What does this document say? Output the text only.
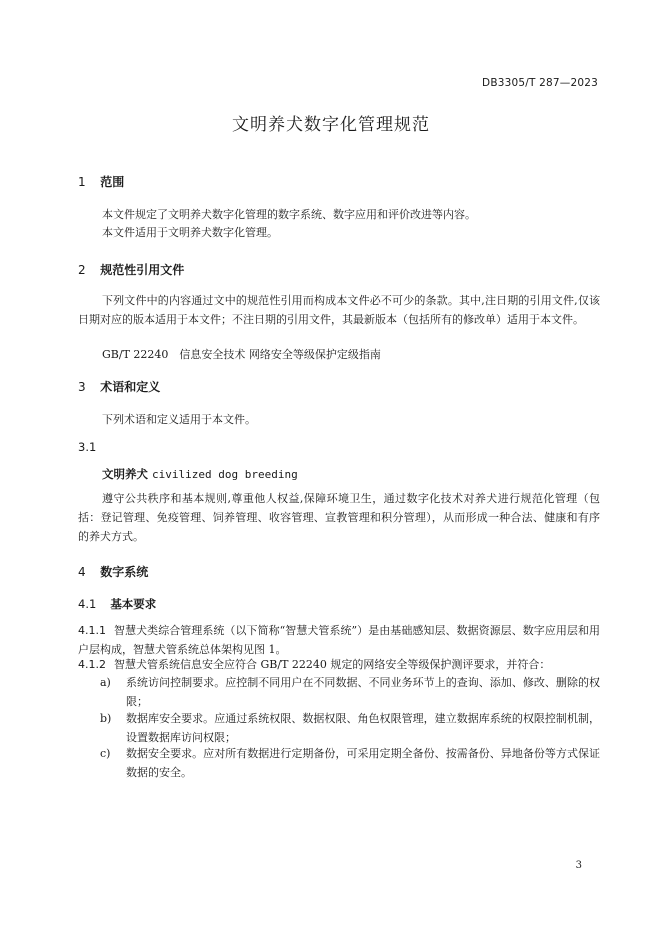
DB3305/T 287—2023
文明养犬数字化管理规范
1 范围
本文件规定了文明养犬数字化管理的数字系统、数字应用和评价改进等内容。
本文件适用于文明养犬数字化管理。
2 规范性引用文件
下列文件中的内容通过文中的规范性引用而构成本文件必不可少的条款。其中,注日期的引用文件,仅该日期对应的版本适用于本文件；不注日期的引用文件，其最新版本（包括所有的修改单）适用于本文件。
GB/T 22240　信息安全技术 网络安全等级保护定级指南
3 术语和定义
下列术语和定义适用于本文件。
3.1
文明养犬 civilized dog breeding
遵守公共秩序和基本规则,尊重他人权益,保障环境卫生，通过数字化技术对养犬进行规范化管理（包括：登记管理、免疫管理、饲养管理、收容管理、宣教管理和积分管理），从而形成一种合法、健康和有序的养犬方式。
4 数字系统
4.1 基本要求
4.1.1 智慧犬类综合管理系统（以下简称“智慧犬管系统”）是由基础感知层、数据资源层、数字应用层和用户层构成，智慧犬管系统总体架构见图 1。
4.1.2 智慧犬管系统信息安全应符合 GB/T 22240 规定的网络安全等级保护测评要求，并符合：
a)	系统访问控制要求。应控制不同用户在不同数据、不同业务环节上的查询、添加、修改、删除的权限；
b)	数据库安全要求。应通过系统权限、数据权限、角色权限管理，建立数据库系统的权限控制机制，设置数据库访问权限；
c)	数据安全要求。应对所有数据进行定期备份，可采用定期全备份、按需备份、异地备份等方式保证数据的安全。
3
